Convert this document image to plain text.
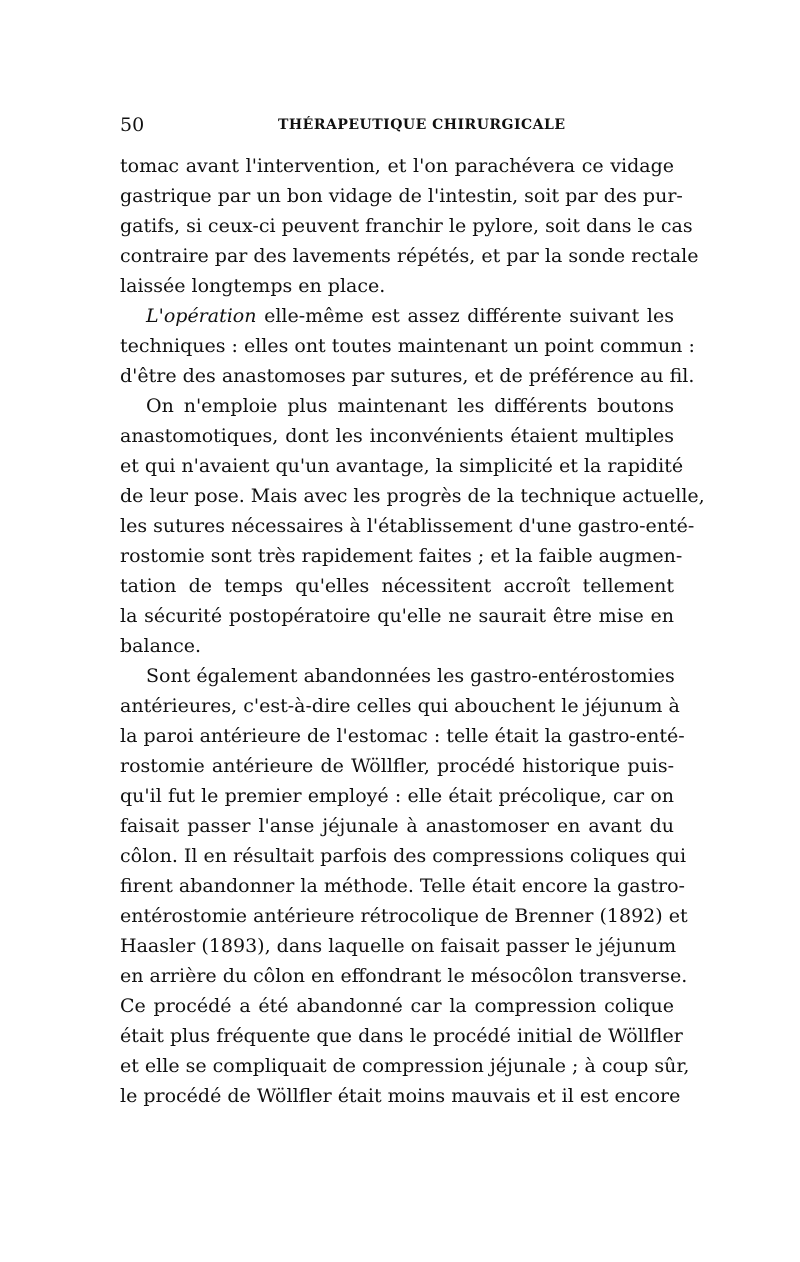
50	THÉRAPEUTIQUE CHIRURGICALE
tomac avant l'intervention, et l'on parachévera ce vidage
gastrique par un bon vidage de l'intestin, soit par des pur-
gatifs, si ceux-ci peuvent franchir le pylore, soit dans le cas
contraire par des lavements répétés, et par la sonde rectale
laissée longtemps en place.
L'opération elle-même est assez différente suivant les
techniques : elles ont toutes maintenant un point commun :
d'être des anastomoses par sutures, et de préférence au fil.
On n'emploie plus maintenant les différents boutons
anastomotiques, dont les inconvénients étaient multiples
et qui n'avaient qu'un avantage, la simplicité et la rapidité
de leur pose. Mais avec les progrès de la technique actuelle,
les sutures nécessaires à l'établissement d'une gastro-enté-
rostomie sont très rapidement faites ; et la faible augmen-
tation de temps qu'elles nécessitent accroît tellement
la sécurité postopératoire qu'elle ne saurait être mise en
balance.
Sont également abandonnées les gastro-entérostomies
antérieures, c'est-à-dire celles qui abouchent le jéjunum à
la paroi antérieure de l'estomac : telle était la gastro-enté-
rostomie antérieure de Wöllfler, procédé historique puis-
qu'il fut le premier employé : elle était précolique, car on
faisait passer l'anse jéjunale à anastomoser en avant du
côlon. Il en résultait parfois des compressions coliques qui
firent abandonner la méthode. Telle était encore la gastro-
entérostomie antérieure rétrocolique de Brenner (1892) et
Haasler (1893), dans laquelle on faisait passer le jéjunum
en arrière du côlon en effondrant le mésocôlon transverse.
Ce procédé a été abandonné car la compression colique
était plus fréquente que dans le procédé initial de Wöllfler
et elle se compliquait de compression jéjunale ; à coup sûr,
le procédé de Wöllfler était moins mauvais et il est encore
